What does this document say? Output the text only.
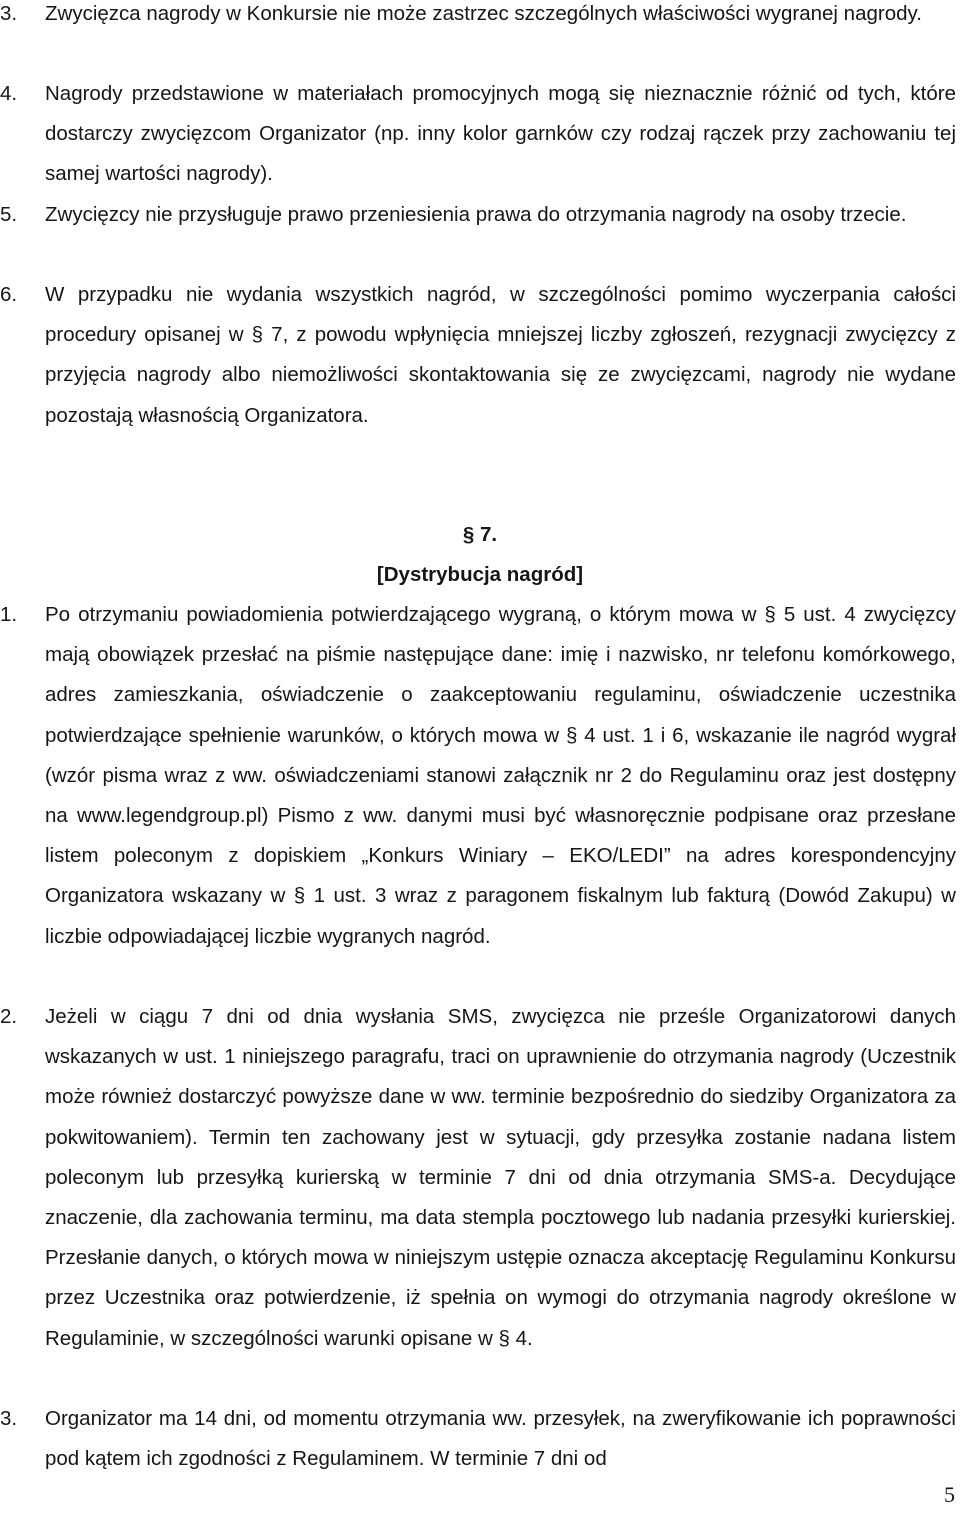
3.	Zwycięzca nagrody w Konkursie nie może zastrzec szczególnych właściwości wygranej nagrody.
4.	Nagrody przedstawione w materiałach promocyjnych mogą się nieznacznie różnić od tych, które dostarczy zwycięzcom Organizator (np. inny kolor garnków czy rodzaj rączek przy zachowaniu tej samej wartości nagrody).
5.	Zwycięzcy nie przysługuje prawo przeniesienia prawa do otrzymania nagrody na osoby trzecie.
6.	W przypadku nie wydania wszystkich nagród, w szczególności pomimo wyczerpania całości procedury opisanej w § 7, z powodu wpłynięcia mniejszej liczby zgłoszeń, rezygnacji zwycięzcy z przyjęcia nagrody albo niemożliwości skontaktowania się ze zwycięzcami, nagrody nie wydane pozostają własnością Organizatora.
§ 7.
[Dystrybucja nagród]
1.	Po otrzymaniu powiadomienia potwierdzającego wygraną, o którym mowa w § 5 ust. 4 zwycięzcy mają obowiązek przesłać na piśmie następujące dane: imię i nazwisko, nr telefonu komórkowego, adres zamieszkania, oświadczenie o zaakceptowaniu regulaminu, oświadczenie uczestnika potwierdzające spełnienie warunków, o których mowa w § 4 ust. 1 i 6, wskazanie ile nagród wygrał (wzór pisma wraz z ww. oświadczeniami stanowi załącznik nr 2 do Regulaminu oraz jest dostępny na www.legendgroup.pl) Pismo z ww. danymi musi być własnoręcznie podpisane oraz przesłane listem poleconym z dopiskiem „Konkurs Winiary – EKO/LEDI” na adres korespondencyjny Organizatora wskazany w § 1 ust. 3 wraz z paragonem fiskalnym lub fakturą (Dowód Zakupu) w liczbie odpowiadającej liczbie wygranych nagród.
2.	Jeżeli w ciągu 7 dni od dnia wysłania SMS, zwycięzca nie prześle Organizatorowi danych wskazanych w ust. 1 niniejszego paragrafu, traci on uprawnienie do otrzymania nagrody (Uczestnik może również dostarczyć powyższe dane w ww. terminie bezpośrednio do siedziby Organizatora za pokwitowaniem). Termin ten zachowany jest w sytuacji, gdy przesyłka zostanie nadana listem poleconym lub przesyłką kurierską w terminie 7 dni od dnia otrzymania SMS-a. Decydujące znaczenie, dla zachowania terminu, ma data stempla pocztowego lub nadania przesyłki kurierskiej. Przesłanie danych, o których mowa w niniejszym ustępie oznacza akceptację Regulaminu Konkursu przez Uczestnika oraz potwierdzenie, iż spełnia on wymogi do otrzymania nagrody określone w Regulaminie, w szczególności warunki opisane w § 4.
3.	Organizator ma 14 dni, od momentu otrzymania ww. przesyłek, na zweryfikowanie ich poprawności pod kątem ich zgodności z Regulaminem. W terminie 7 dni od
5
